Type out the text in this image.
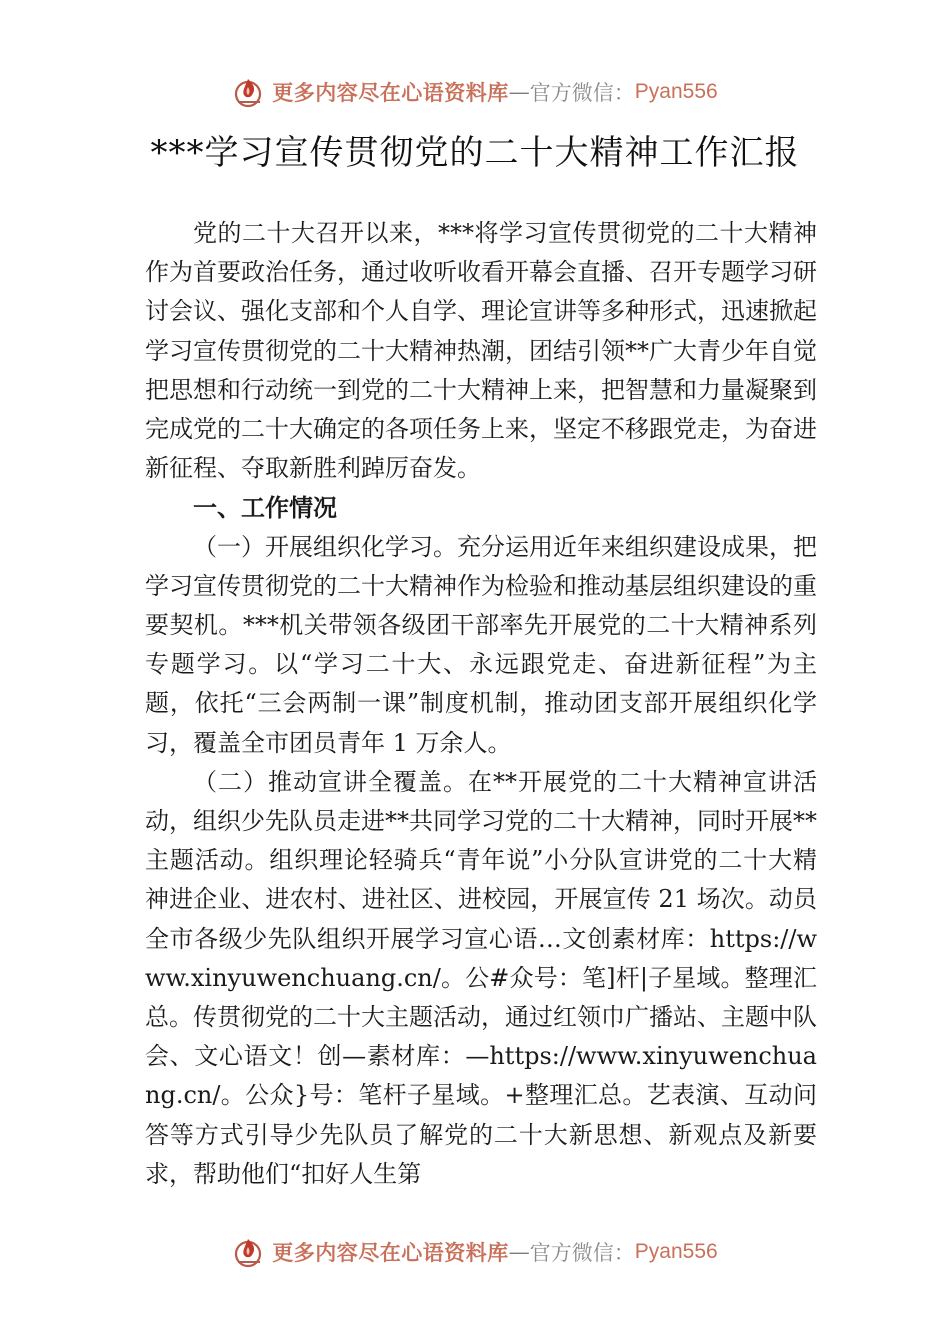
更多内容尽在心语资料库 — 官方微信： Pyan556
***学习宣传贯彻党的二十大精神工作汇报

党的二十大召开以来，***将学习宣传贯彻党的二十大精神作为首要政治任务，通过收听收看开幕会直播、召开专题学习研讨会议、强化支部和个人自学、理论宣讲等多种形式，迅速掀起学习宣传贯彻党的二十大精神热潮，团结引领**广大青少年自觉把思想和行动统一到党的二十大精神上来，把智慧和力量凝聚到完成党的二十大确定的各项任务上来，坚定不移跟党走，为奋进新征程、夺取新胜利踔厉奋发。

一、工作情况

（一）开展组织化学习。充分运用近年来组织建设成果，把学习宣传贯彻党的二十大精神作为检验和推动基层组织建设的重要契机。***机关带领各级团干部率先开展党的二十大精神系列专题学习。以“学习二十大、永远跟党走、奋进新征程”为主题，依托“三会两制一课”制度机制，推动团支部开展组织化学习，覆盖全市团员青年 1 万余人。

（二）推动宣讲全覆盖。在**开展党的二十大精神宣讲活动，组织少先队员走进**共同学习党的二十大精神，同时开展**主题活动。组织理论轻骑兵“青年说”小分队宣讲党的二十大精神进企业、进农村、进社区、进校园，开展宣传 21 场次。动员全市各级少先队组织开展学习宣心语…文创素材库：https://www.xinyuwenchuang.cn/。公#众号：笔]杆|子星域。整理汇总。传贯彻党的二十大主题活动，通过红领巾广播站、主题中队会、文心语文！创—素材库：—https://www.xinyuwenchuang.cn/。公众}号：笔杆子星域。+整理汇总。艺表演、互动问答等方式引导少先队员了解党的二十大新思想、新观点及新要求，帮助他们“扣好人生第

更多内容尽在心语资料库 — 官方微信： Pyan556
